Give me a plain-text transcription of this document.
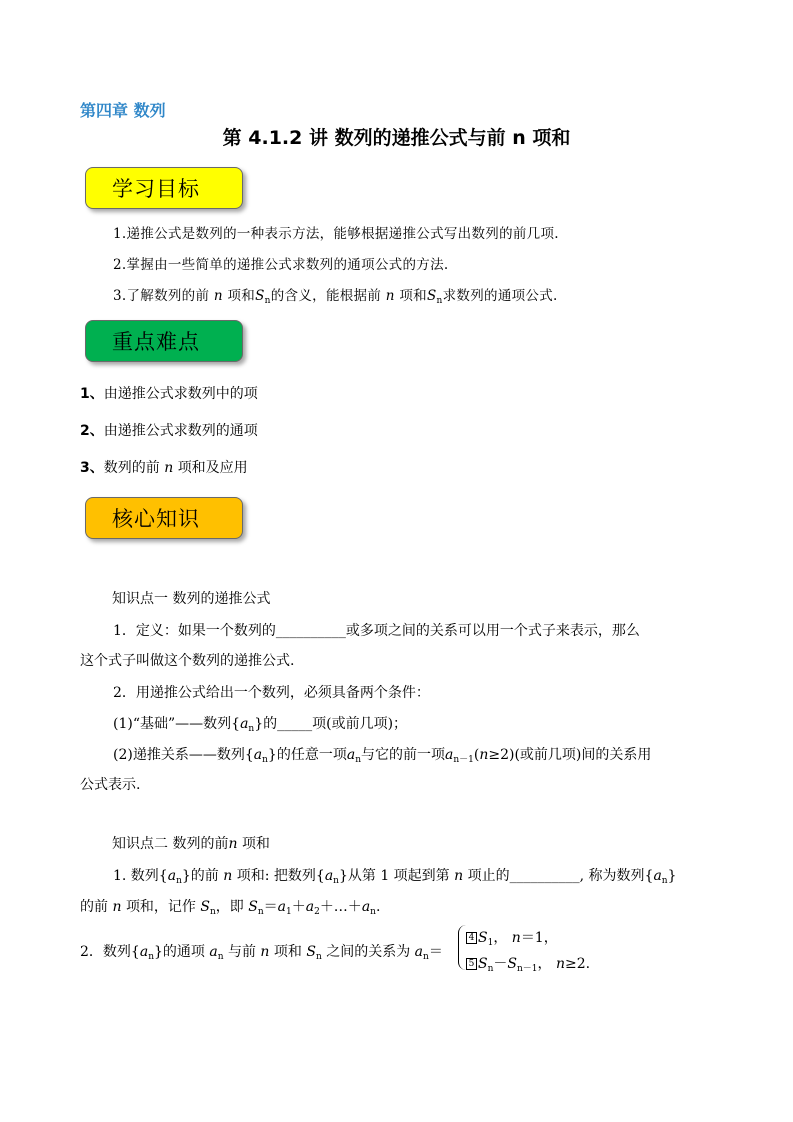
第四章 数列
第 4.1.2 讲 数列的递推公式与前 n 项和
学习目标
1.递推公式是数列的一种表示方法，能够根据递推公式写出数列的前几项.
2.掌握由一些简单的递推公式求数列的通项公式的方法.
3.了解数列的前 n 项和$S_n$的含义，能根据前 n 项和$S_n$求数列的通项公式.
重点难点
1、由递推公式求数列中的项
2、由递推公式求数列的通项
3、数列的前 n 项和及应用
核心知识
知识点一 数列的递推公式
1．定义：如果一个数列的__________或多项之间的关系可以用一个式子来表示，那么
这个式子叫做这个数列的递推公式.
2．用递推公式给出一个数列，必须具备两个条件：
(1)“基础”——数列$\{a_n\}$的_____项(或前几项)；
(2)递推关系——数列$\{a_n\}$的任意一项$a_n$与它的前一项$a_{n-1}(n\ge 2)$(或前几项)间的关系用
公式表示.
知识点二 数列的前n 项和
1. 数列$\{a_n\}$的前 n 项和: 把数列$\{a_n\}$从第 1 项起到第 n 项止的__________, 称为数列$\{a_n\}$
的前 n 项和，记作 $S_n$，即 $S_n=a_1+a_2+\dots+a_n$.
2．数列$\{a_n\}$的通项 $a_n$ 与前 n 项和 $S_n$ 之间的关系为 $a_n=$
4 $S_1$， n＝1，
5 $S_n-S_{n-1}$， n≥2.
